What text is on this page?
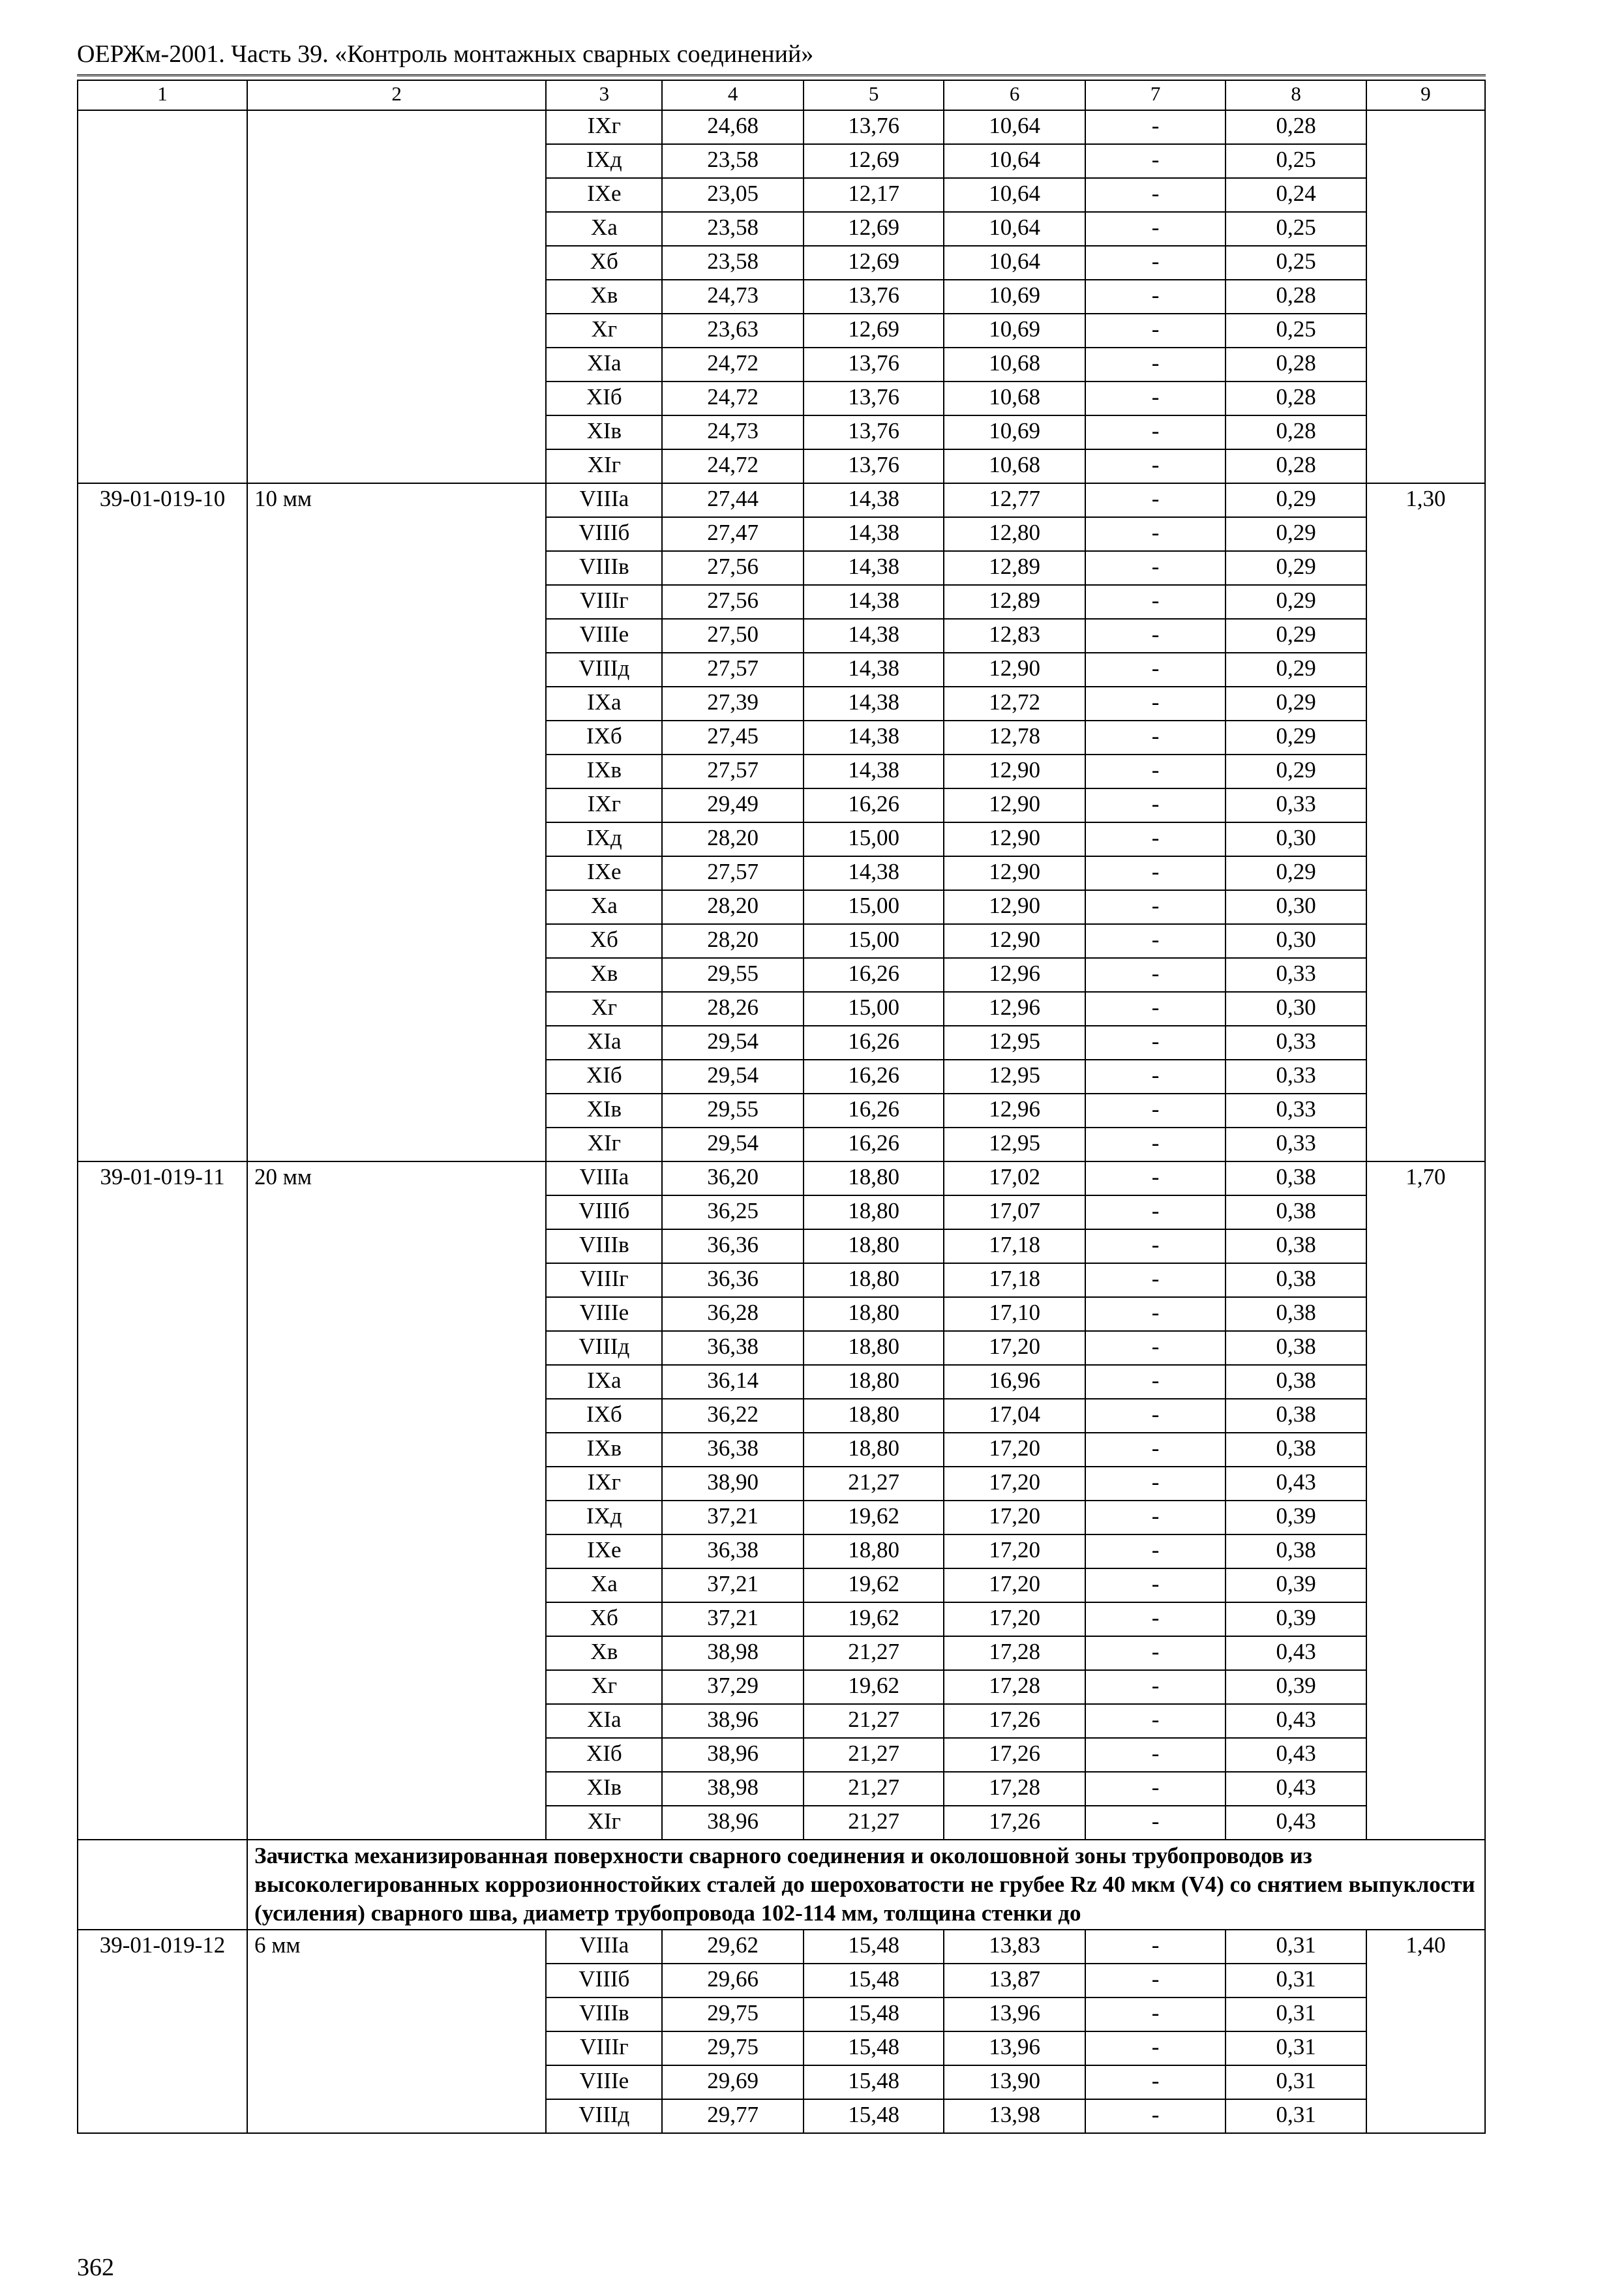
ОЕРЖм-2001. Часть 39. «Контроль монтажных сварных соединений»
1	2	3	4	5	6	7	8	9
		IXг	24,68	13,76	10,64	-	0,28	
		IXд	23,58	12,69	10,64	-	0,25	
		IXе	23,05	12,17	10,64	-	0,24	
		Xа	23,58	12,69	10,64	-	0,25	
		Xб	23,58	12,69	10,64	-	0,25	
		Xв	24,73	13,76	10,69	-	0,28	
		Xг	23,63	12,69	10,69	-	0,25	
		XIа	24,72	13,76	10,68	-	0,28	
		XIб	24,72	13,76	10,68	-	0,28	
		XIв	24,73	13,76	10,69	-	0,28	
		XIг	24,72	13,76	10,68	-	0,28	
39-01-019-10	10 мм	VIIIа	27,44	14,38	12,77	-	0,29	1,30
		VIIIб	27,47	14,38	12,80	-	0,29	
		VIIIв	27,56	14,38	12,89	-	0,29	
		VIIIг	27,56	14,38	12,89	-	0,29	
		VIIIе	27,50	14,38	12,83	-	0,29	
		VIIIд	27,57	14,38	12,90	-	0,29	
		IXа	27,39	14,38	12,72	-	0,29	
		IXб	27,45	14,38	12,78	-	0,29	
		IXв	27,57	14,38	12,90	-	0,29	
		IXг	29,49	16,26	12,90	-	0,33	
		IXд	28,20	15,00	12,90	-	0,30	
		IXе	27,57	14,38	12,90	-	0,29	
		Xа	28,20	15,00	12,90	-	0,30	
		Xб	28,20	15,00	12,90	-	0,30	
		Xв	29,55	16,26	12,96	-	0,33	
		Xг	28,26	15,00	12,96	-	0,30	
		XIа	29,54	16,26	12,95	-	0,33	
		XIб	29,54	16,26	12,95	-	0,33	
		XIв	29,55	16,26	12,96	-	0,33	
		XIг	29,54	16,26	12,95	-	0,33	
39-01-019-11	20 мм	VIIIа	36,20	18,80	17,02	-	0,38	1,70
		VIIIб	36,25	18,80	17,07	-	0,38	
		VIIIв	36,36	18,80	17,18	-	0,38	
		VIIIг	36,36	18,80	17,18	-	0,38	
		VIIIе	36,28	18,80	17,10	-	0,38	
		VIIIд	36,38	18,80	17,20	-	0,38	
		IXа	36,14	18,80	16,96	-	0,38	
		IXб	36,22	18,80	17,04	-	0,38	
		IXв	36,38	18,80	17,20	-	0,38	
		IXг	38,90	21,27	17,20	-	0,43	
		IXд	37,21	19,62	17,20	-	0,39	
		IXе	36,38	18,80	17,20	-	0,38	
		Xа	37,21	19,62	17,20	-	0,39	
		Xб	37,21	19,62	17,20	-	0,39	
		Xв	38,98	21,27	17,28	-	0,43	
		Xг	37,29	19,62	17,28	-	0,39	
		XIа	38,96	21,27	17,26	-	0,43	
		XIб	38,96	21,27	17,26	-	0,43	
		XIв	38,98	21,27	17,28	-	0,43	
		XIг	38,96	21,27	17,26	-	0,43	
	Зачистка механизированная поверхности сварного соединения и околошовной зоны трубопроводов из высоколегированных коррозионностойких сталей до шероховатости не грубее Rz 40 мкм (V4) со снятием выпуклости (усиления) сварного шва, диаметр трубопровода 102-114 мм, толщина стенки до							
39-01-019-12	6 мм	VIIIа	29,62	15,48	13,83	-	0,31	1,40
		VIIIб	29,66	15,48	13,87	-	0,31	
		VIIIв	29,75	15,48	13,96	-	0,31	
		VIIIг	29,75	15,48	13,96	-	0,31	
		VIIIе	29,69	15,48	13,90	-	0,31	
		VIIIд	29,77	15,48	13,98	-	0,31	
362
